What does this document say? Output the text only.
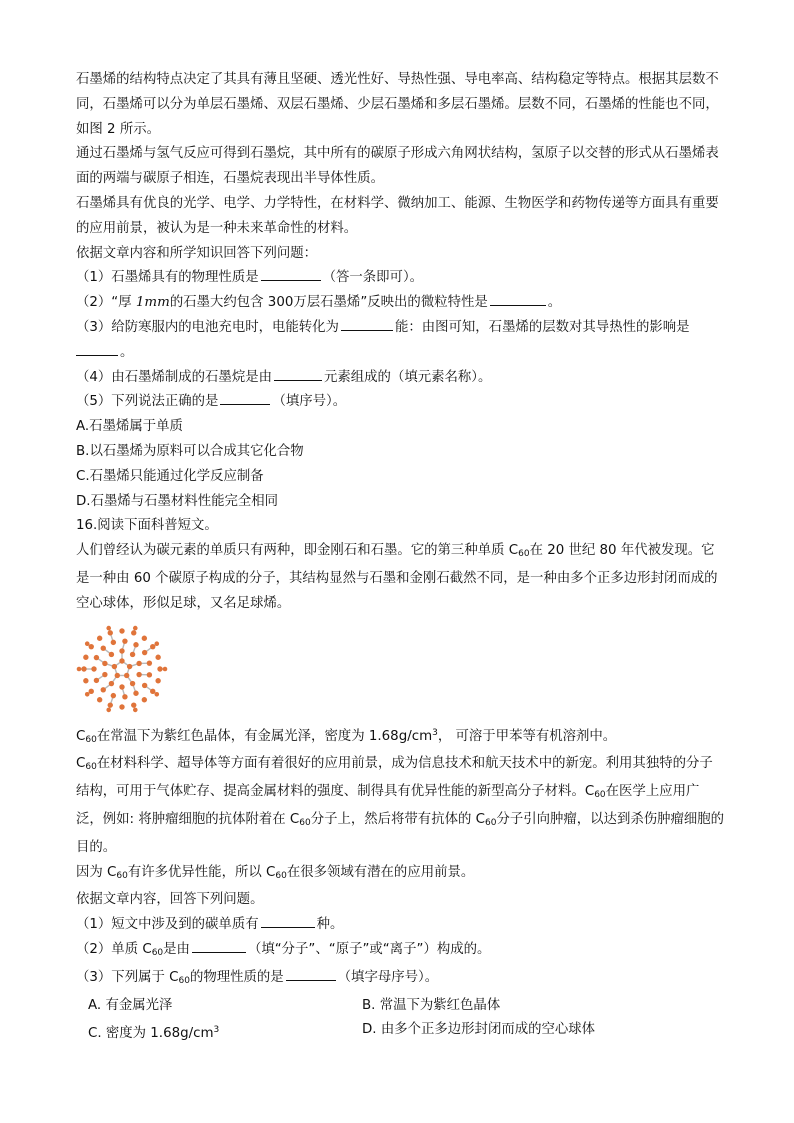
石墨烯的结构特点决定了其具有薄且坚硬、透光性好、导热性强、导电率高、结构稳定等特点。根据其层数不同，石墨烯可以分为单层石墨烯、双层石墨烯、少层石墨烯和多层石墨烯。层数不同，石墨烯的性能也不同，如图 2 所示。

通过石墨烯与氢气反应可得到石墨烷，其中所有的碳原子形成六角网状结构，氢原子以交替的形式从石墨烯表面的两端与碳原子相连，石墨烷表现出半导体性质。

石墨烯具有优良的光学、电学、力学特性，在材料学、微纳加工、能源、生物医学和药物传递等方面具有重要的应用前景，被认为是一种未来革命性的材料。

依据文章内容和所学知识回答下列问题：

（1）石墨烯具有的物理性质是	（答一条即可）。

（2）“厚 1mm的石墨大约包含 300万层石墨烯”反映出的微粒特性是	。

（3）给防寒服内的电池充电时，电能转化为	能：由图可知，石墨烯的层数对其导热性的影响是
。

（4）由石墨烯制成的石墨烷是由	元素组成的（填元素名称）。

（5）下列说法正确的是	（填序号）。

A.石墨烯属于单质

B.以石墨烯为原料可以合成其它化合物

C.石墨烯只能通过化学反应制备

D.石墨烯与石墨材料性能完全相同

16.阅读下面科普短文。

人们曾经认为碳元素的单质只有两种，即金刚石和石墨。它的第三种单质 $C_{60}$在 20 世纪 80 年代被发现。它是一种由 60 个碳原子构成的分子，其结构显然与石墨和金刚石截然不同，是一种由多个正多边形封闭而成的空心球体，形似足球，又名足球烯。

$C_{60}$在常温下为紫红色晶体，有金属光泽，密度为 $1.68g/cm^3$， 可溶于甲苯等有机溶剂中。

$C_{60}$在材料科学、超导体等方面有着很好的应用前景，成为信息技术和航天技术中的新宠。利用其独特的分子结构，可用于气体贮存、提高金属材料的强度、制得具有优异性能的新型高分子材料。$C_{60}$在医学上应用广泛，例如: 将肿瘤细胞的抗体附着在 $C_{60}$分子上，然后将带有抗体的 $C_{60}$分子引向肿瘤，以达到杀伤肿瘤细胞的目的。

因为 $C_{60}$有许多优异性能，所以 $C_{60}$在很多领域有潜在的应用前景。

依据文章内容，回答下列问题。

（1）短文中涉及到的碳单质有	种。

（2）单质 $C_{60}$是由	（填“分子”、“原子”或“离子”）构成的。

（3）下列属于 $C_{60}$的物理性质的是	（填字母序号）。

A. 有金属光泽	B. 常温下为紫红色晶体
C. 密度为 $1.68g/cm^3$	D. 由多个正多边形封闭而成的空心球体
